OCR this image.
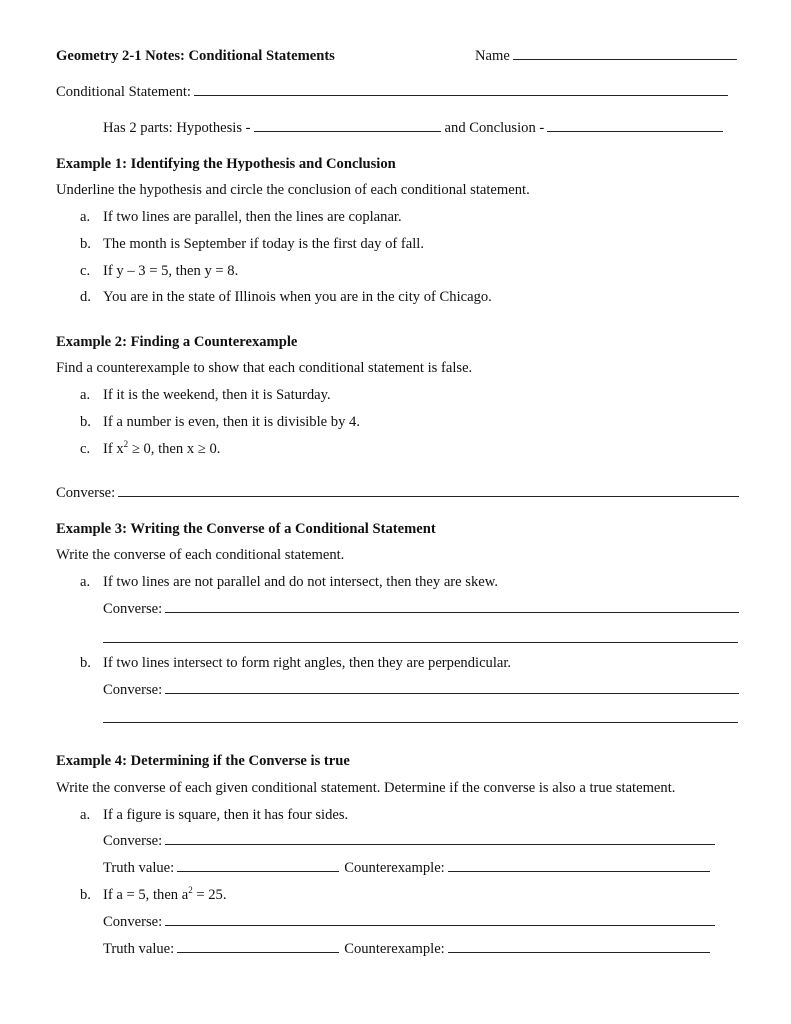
Geometry 2-1 Notes: Conditional Statements	Name
Conditional Statement:
Has 2 parts: Hypothesis -	and Conclusion -
Example 1: Identifying the Hypothesis and Conclusion
Underline the hypothesis and circle the conclusion of each conditional statement.
a. If two lines are parallel, then the lines are coplanar.
b. The month is September if today is the first day of fall.
c. If y – 3 = 5, then y = 8.
d. You are in the state of Illinois when you are in the city of Chicago.
Example 2: Finding a Counterexample
Find a counterexample to show that each conditional statement is false.
a. If it is the weekend, then it is Saturday.
b. If a number is even, then it is divisible by 4.
c. If $x^2 \ge 0$, then x ≥ 0.
Converse:
Example 3: Writing the Converse of a Conditional Statement
Write the converse of each conditional statement.
a. If two lines are not parallel and do not intersect, then they are skew.
Converse:
b. If two lines intersect to form right angles, then they are perpendicular.
Converse:
Example 4: Determining if the Converse is true
Write the converse of each given conditional statement. Determine if the converse is also a true statement.
a. If a figure is square, then it has four sides.
Converse:
Truth value:	Counterexample:
b. If a = 5, then $a^2 = 25$.
Converse:
Truth value:	Counterexample:
